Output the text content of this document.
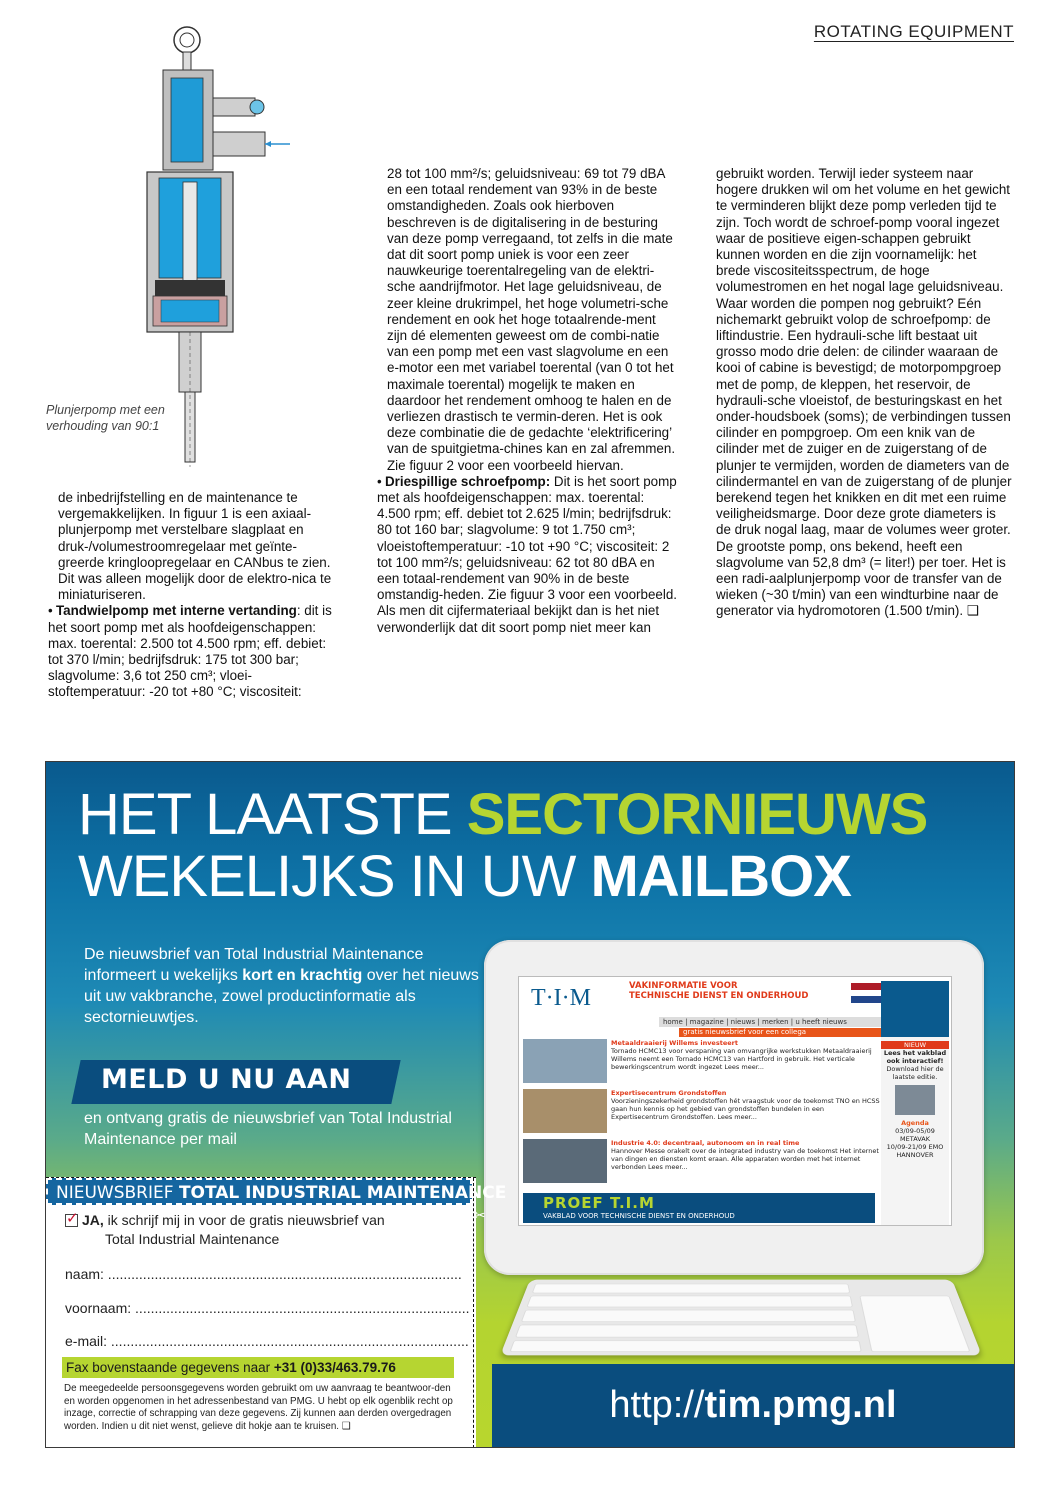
ROTATING EQUIPMENT
Plunjerpomp met een verhouding van 90:1

de inbedrijfstelling en de maintenance te vergemakkelijken. In figuur 1 is een axiaal-plunjerpomp met verstelbare slagplaat en druk-/volumestroomregelaar met geïnte-greerde kringloopregelaar en CANbus te zien. Dit was alleen mogelijk door de elektro-nica te miniaturiseren.

• Tandwielpomp met interne vertanding: dit is het soort pomp met als hoofdeigenschappen: max. toerental: 2.500 tot 4.500 rpm; eff. debiet: tot 370 l/min; bedrijfsdruk: 175 tot 300 bar; slagvolume: 3,6 tot 250 cm³; vloei-stoftemperatuur: -20 tot +80 °C; viscositeit:

28 tot 100 mm²/s; geluidsniveau: 69 tot 79 dBA en een totaal rendement van 93% in de beste omstandigheden. Zoals ook hierboven beschreven is de digitalisering in de besturing van deze pomp verregaand, tot zelfs in die mate dat dit soort pomp uniek is voor een zeer nauwkeurige toerentalregeling van de elektri-sche aandrijfmotor. Het lage geluidsniveau, de zeer kleine drukrimpel, het hoge volumetri-sche rendement en ook het hoge totaalrende-ment zijn dé elementen geweest om de combi-natie van een pomp met een vast slagvolume en een e-motor een met variabel toerental (van 0 tot het maximale toerental) mogelijk te maken en daardoor het rendement omhoog te halen en de verliezen drastisch te vermin-deren. Het is ook deze combinatie die de gedachte ‘elektrificering’ van de spuitgietma-chines kan en zal afremmen. Zie figuur 2 voor een voorbeeld hiervan.

• Driespillige schroefpomp: Dit is het soort pomp met als hoofdeigenschappen: max. toerental: 4.500 rpm; eff. debiet tot 2.625 l/min; bedrijfsdruk: 80 tot 160 bar; slagvolume: 9 tot 1.750 cm³; vloeistoftemperatuur: -10 tot +90 °C; viscositeit: 2 tot 100 mm²/s; geluidsniveau: 62 tot 80 dBA en een totaal-rendement van 90% in de beste omstandig-heden. Zie figuur 3 voor een voorbeeld. Als men dit cijfermateriaal bekijkt dan is het niet verwonderlijk dat dit soort pomp niet meer kan

gebruikt worden. Terwijl ieder systeem naar hogere drukken wil om het volume en het gewicht te verminderen blijkt deze pomp verleden tijd te zijn. Toch wordt de schroef-pomp vooral ingezet waar de positieve eigen-schappen gebruikt kunnen worden en die zijn voornamelijk: het brede viscositeitsspectrum, de hoge volumestromen en het nogal lage geluidsniveau. Waar worden die pompen nog gebruikt? Eén nichemarkt gebruikt volop de schroefpomp: de liftindustrie. Een hydrauli-sche lift bestaat uit grosso modo drie delen: de cilinder waaraan de kooi of cabine is bevestigd; de motorpompgroep met de pomp, de kleppen, het reservoir, de hydrauli-sche vloeistof, de besturingskast en het onder-houdsboek (soms); de verbindingen tussen cilinder en pompgroep. Om een knik van de cilinder met de zuiger en de zuigerstang of de plunjer te vermijden, worden de diameters van de cilindermantel en van de zuigerstang of de plunjer berekend tegen het knikken en dit met een ruime veiligheidsmarge. Door deze grote diameters is de druk nogal laag, maar de volumes weer groter. De grootste pomp, ons bekend, heeft een slagvolume van 52,8 dm³ (= liter!) per toer. Het is een radi-aalplunjerpomp voor de transfer van de wieken (~30 t/min) van een windturbine naar de generator via hydromotoren (1.500 t/min). ❑

HET LAATSTE SECTORNIEUWS
WEKELIJKS IN UW MAILBOX
De nieuwsbrief van Total Industrial Maintenance informeert u wekelijks kort en krachtig over het nieuws uit uw vakbranche, zowel productinformatie als sectornieuwtjes.
MELD U NU AAN
en ontvang gratis de nieuwsbrief van Total Industrial Maintenance per mail
T·I·M	VAKINFORMATIE VOOR
TECHNISCHE DIENST EN ONDERHOUD
home | magazine | nieuws | merken | u heeft nieuws
gratis nieuwsbrief voor een collega
Metaaldraaierij Willems investeert
Tornado HCMC13 voor verspaning van omvangrijke werkstukken Metaaldraaierij Willems neemt een Tornado HCMC13 van Hartford in gebruik. Het verticale bewerkingscentrum wordt ingezet Lees meer...
Expertisecentrum Grondstoffen
Voorzieningszekerheid grondstoffen hét vraagstuk voor de toekomst TNO en HCSS gaan hun kennis op het gebied van grondstoffen bundelen in een Expertisecentrum Grondstoffen. Lees meer...
Industrie 4.0: decentraal, autonoom en in real time
Hannover Messe orakelt over de integrated industry van de toekomst Het internet van dingen en diensten komt eraan. Alle apparaten worden met het internet verbonden Lees meer...
PROEF T.I.M
VAKBLAD VOOR TECHNISCHE DIENST EN ONDERHOUD
NIEUW
Lees het vakblad ook interactief!
Download hier de laatste editie.
Agenda
03/09-05/09 METAVAK
10/09-21/09 EMO HANNOVER
NIEUWSBRIEF TOTAL INDUSTRIAL MAINTENANCE
✓
JA, ik schrijf mij in voor de gratis nieuwsbrief van
Total Industrial Maintenance
naam: ...........................................................................................
voornaam: ......................................................................................
e-mail: ............................................................................................
Fax bovenstaande gegevens naar +31 (0)33/463.79.76
De meegedeelde persoonsgegevens worden gebruikt om uw aanvraag te beantwoor-den en worden opgenomen in het adressenbestand van PMG. U hebt op elk ogenblik recht op inzage, correctie of schrapping van deze gegevens. Zij kunnen aan derden overgedragen worden. Indien u dit niet wenst, gelieve dit hokje aan te kruisen. ❑
✂
http://tim.pmg.nl
